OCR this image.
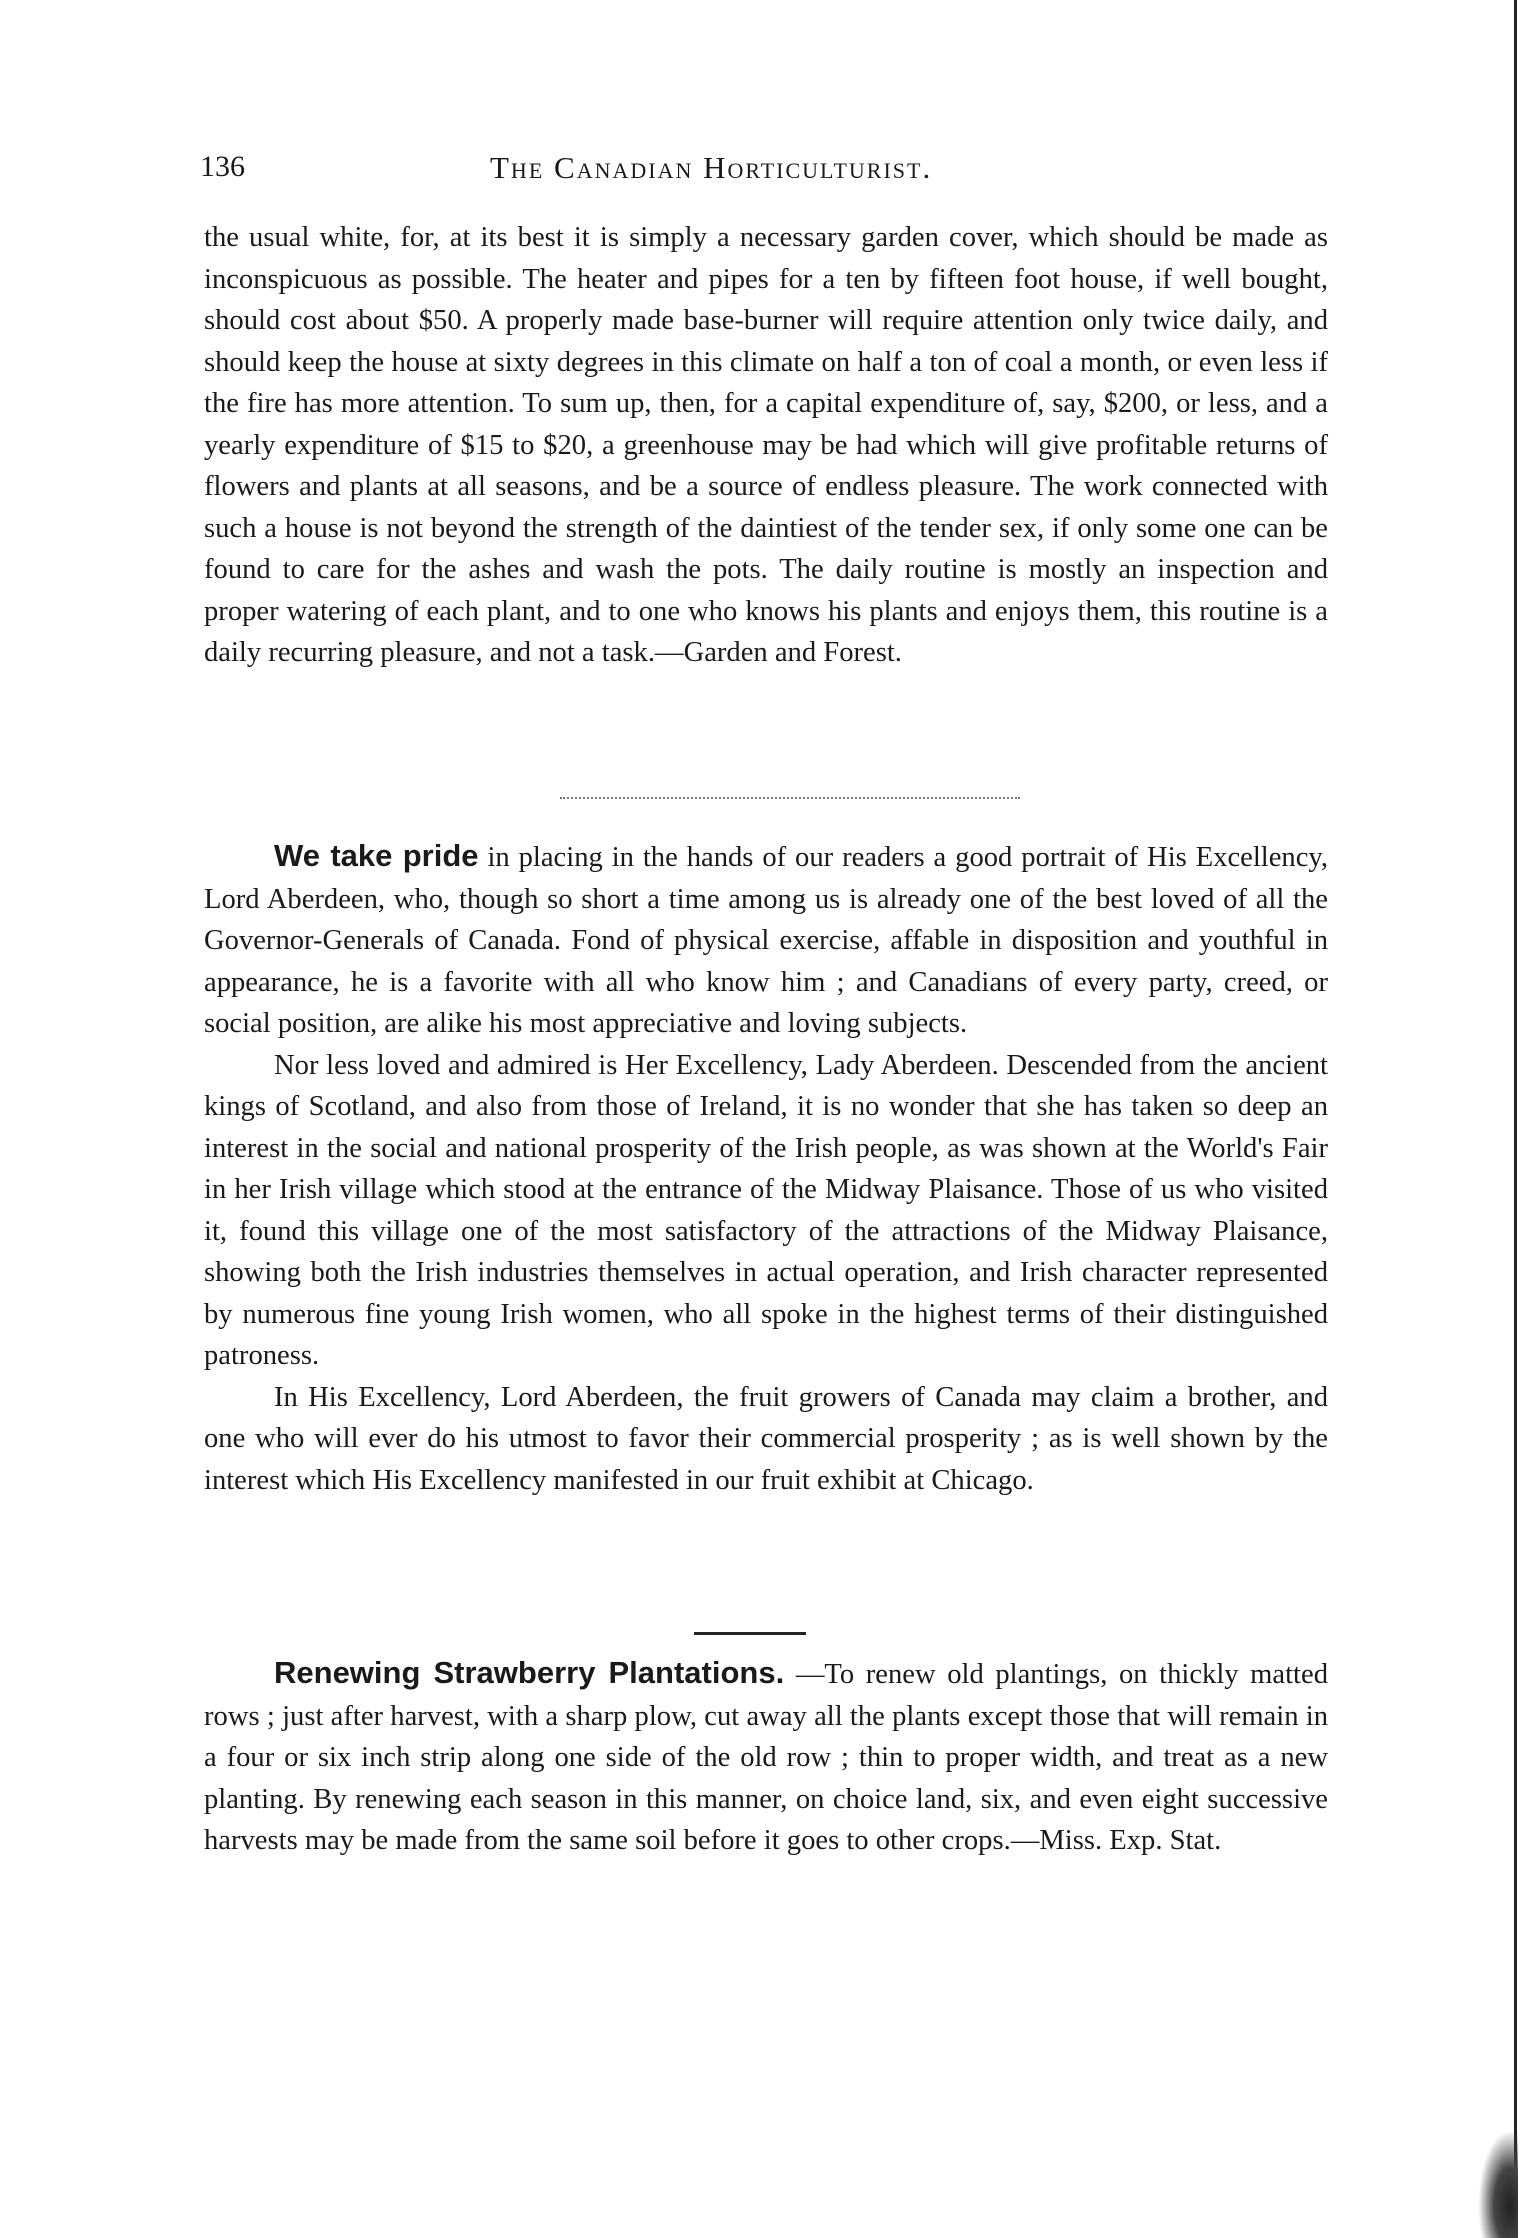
136	The Canadian Horticulturist.

the usual white, for, at its best it is simply a necessary garden cover, which should be made as inconspicuous as possible. The heater and pipes for a ten by fifteen foot house, if well bought, should cost about $50. A properly made base-burner will require attention only twice daily, and should keep the house at sixty degrees in this climate on half a ton of coal a month, or even less if the fire has more attention. To sum up, then, for a capital expenditure of, say, $200, or less, and a yearly expenditure of $15 to $20, a greenhouse may be had which will give profitable returns of flowers and plants at all seasons, and be a source of endless pleasure. The work connected with such a house is not beyond the strength of the daintiest of the tender sex, if only some one can be found to care for the ashes and wash the pots. The daily routine is mostly an inspection and proper watering of each plant, and to one who knows his plants and enjoys them, this routine is a daily recurring pleasure, and not a task.—Garden and Forest.

We take pride in placing in the hands of our readers a good portrait of His Excellency, Lord Aberdeen, who, though so short a time among us is already one of the best loved of all the Governor-Generals of Canada. Fond of physical exercise, affable in disposition and youthful in appearance, he is a favorite with all who know him ; and Canadians of every party, creed, or social position, are alike his most appreciative and loving subjects.

Nor less loved and admired is Her Excellency, Lady Aberdeen. Descended from the ancient kings of Scotland, and also from those of Ireland, it is no wonder that she has taken so deep an interest in the social and national prosperity of the Irish people, as was shown at the World's Fair in her Irish village which stood at the entrance of the Midway Plaisance. Those of us who visited it, found this village one of the most satisfactory of the attractions of the Midway Plaisance, showing both the Irish industries themselves in actual operation, and Irish character represented by numerous fine young Irish women, who all spoke in the highest terms of their distinguished patroness.

In His Excellency, Lord Aberdeen, the fruit growers of Canada may claim a brother, and one who will ever do his utmost to favor their commercial prosperity ; as is well shown by the interest which His Excellency manifested in our fruit exhibit at Chicago.

Renewing Strawberry Plantations. —To renew old plantings, on thickly matted rows ; just after harvest, with a sharp plow, cut away all the plants except those that will remain in a four or six inch strip along one side of the old row ; thin to proper width, and treat as a new planting. By renewing each season in this manner, on choice land, six, and even eight successive harvests may be made from the same soil before it goes to other crops.—Miss. Exp. Stat.
